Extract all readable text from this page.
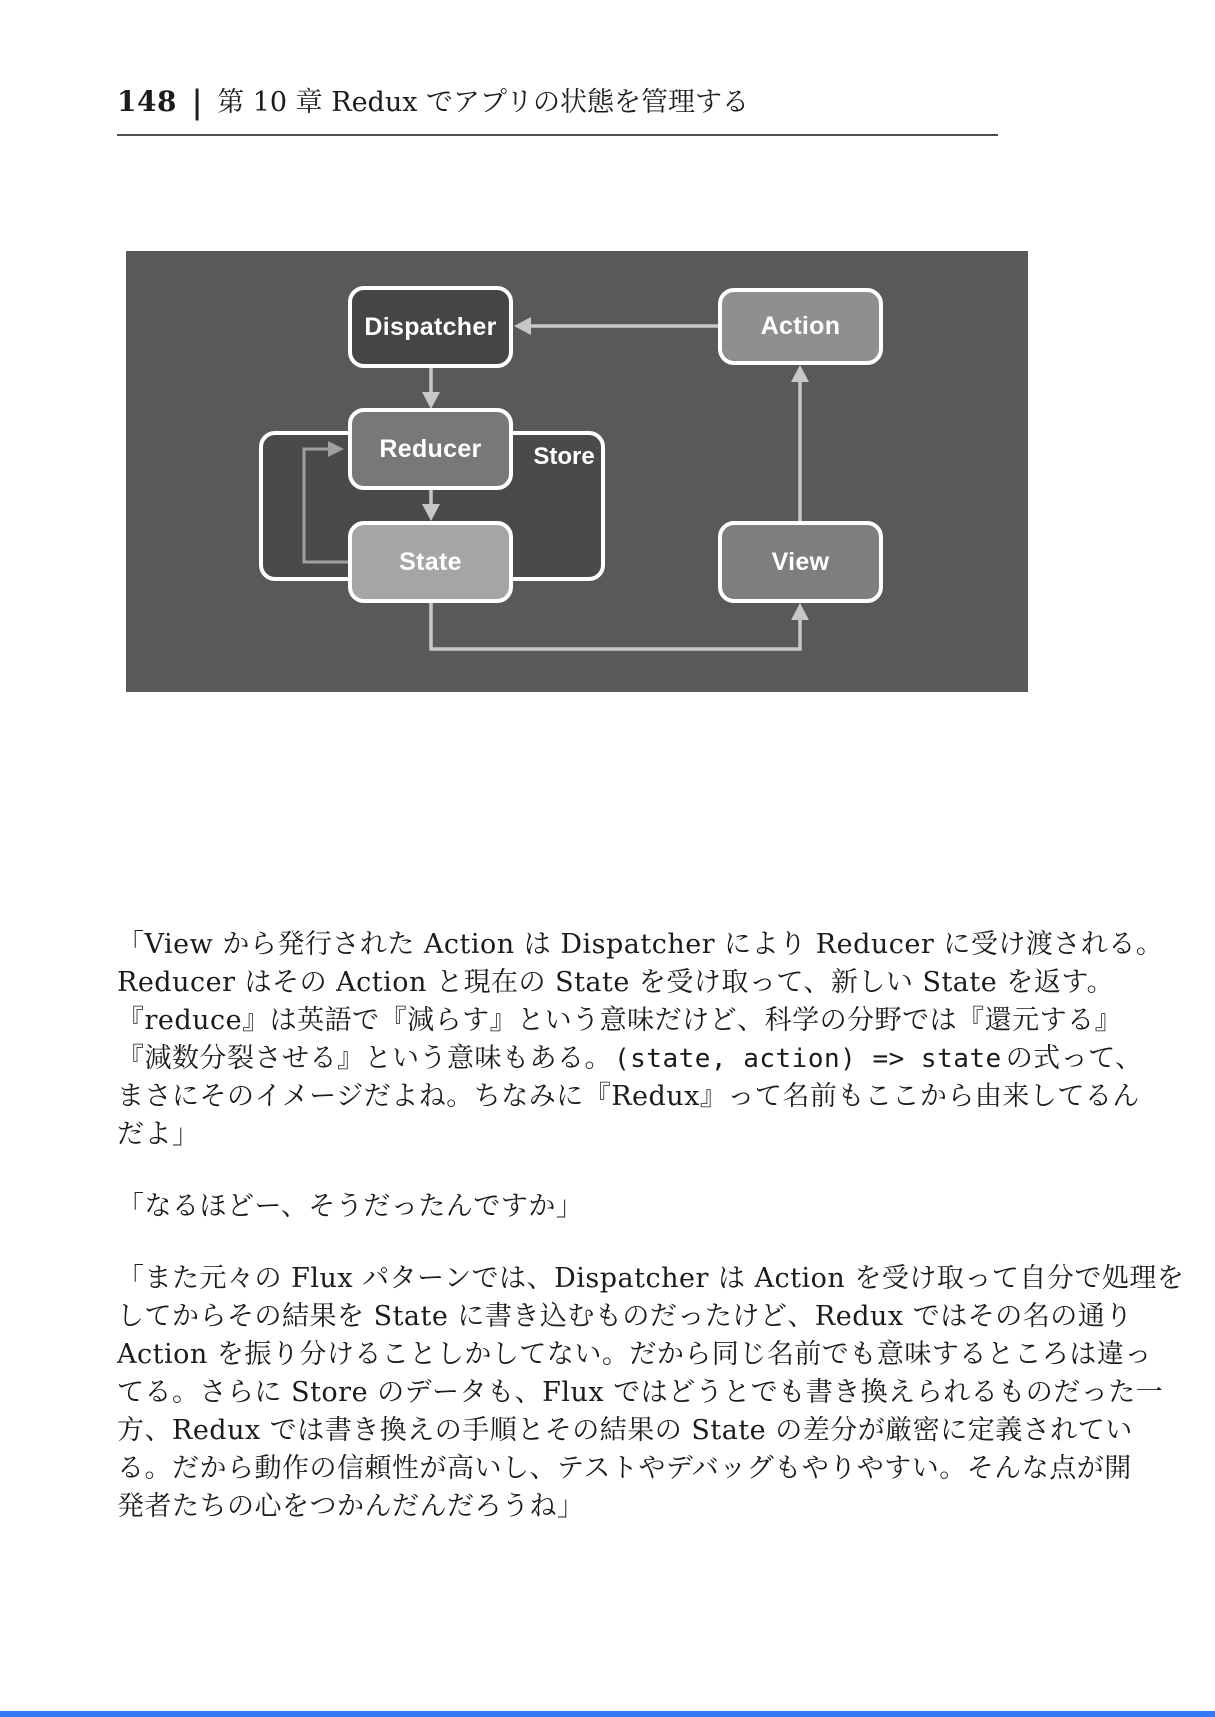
148 | 第 10 章 Redux でアプリの状態を管理する
Store
Dispatcher	Action
Reducer
State	View
「View から発行された Action は Dispatcher により Reducer に受け渡される。
Reducer はその Action と現在の State を受け取って、新しい State を返す。
『reduce』は英語で『減らす』という意味だけど、科学の分野では『還元する』
『減数分裂させる』という意味もある。(state, action) => state の式って、
まさにそのイメージだよね。ちなみに『Redux』って名前もここから由来してるん
だよ」
「なるほどー、そうだったんですか」
「また元々の Flux パターンでは、Dispatcher は Action を受け取って自分で処理を
してからその結果を State に書き込むものだったけど、Redux ではその名の通り
Action を振り分けることしかしてない。だから同じ名前でも意味するところは違っ
てる。さらに Store のデータも、Flux ではどうとでも書き換えられるものだった一
方、Redux では書き換えの手順とその結果の State の差分が厳密に定義されてい
る。だから動作の信頼性が高いし、テストやデバッグもやりやすい。そんな点が開
発者たちの心をつかんだんだろうね」
